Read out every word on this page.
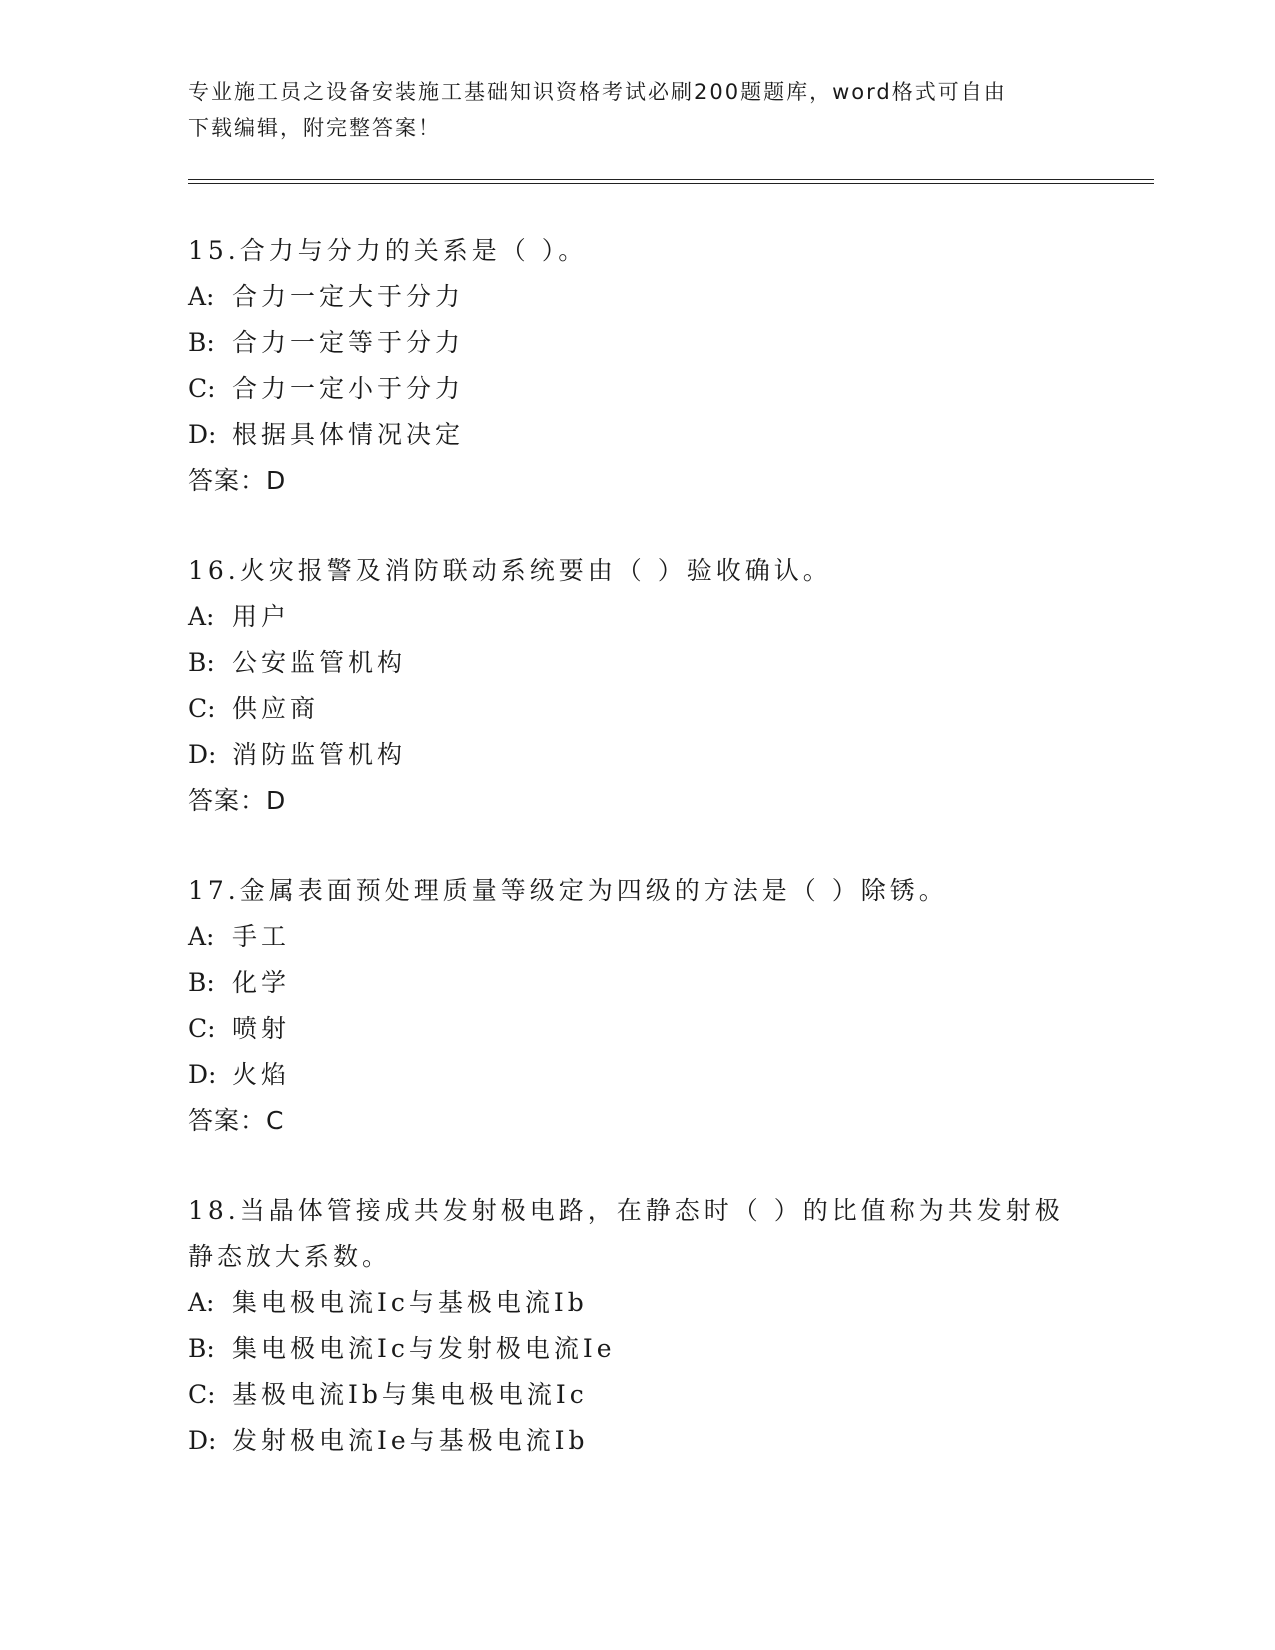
专业施工员之设备安装施工基础知识资格考试必刷200题题库，word格式可自由
下载编辑，附完整答案！
15.合力与分力的关系是（ ）。
A: 合力一定大于分力
B: 合力一定等于分力
C: 合力一定小于分力
D: 根据具体情况决定
答案：D
16.火灾报警及消防联动系统要由（ ）验收确认。
A: 用户
B: 公安监管机构
C: 供应商
D: 消防监管机构
答案：D
17.金属表面预处理质量等级定为四级的方法是（ ）除锈。
A: 手工
B: 化学
C: 喷射
D: 火焰
答案：C
18.当晶体管接成共发射极电路，在静态时（ ）的比值称为共发射极
静态放大系数。
A: 集电极电流Ic与基极电流Ib
B: 集电极电流Ic与发射极电流Ie
C: 基极电流Ib与集电极电流Ic
D: 发射极电流Ie与基极电流Ib
